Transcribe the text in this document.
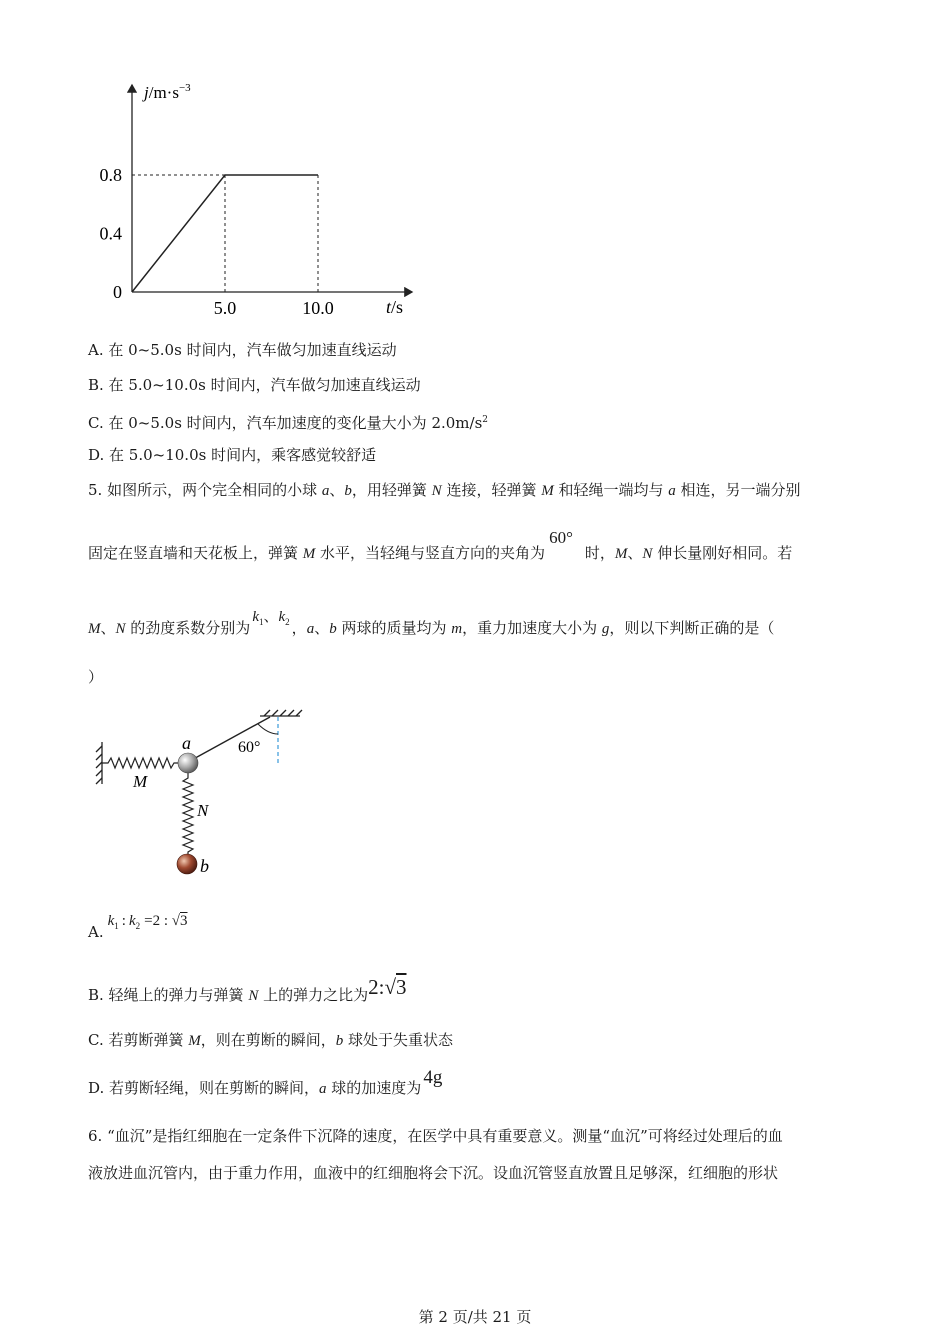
0
0.4
0.8
5.0	10.0
$j/m\cdot s^{-3}$
t/s
A. 在 0~5.0s 时间内，汽车做匀加速直线运动
B. 在 5.0~10.0s 时间内，汽车做匀加速直线运动
C. 在 0~5.0s 时间内，汽车加速度的变化量大小为 $2.0m/s^2$
D. 在 5.0~10.0s 时间内，乘客感觉较舒适
5. 如图所示，两个完全相同的小球 a、b，用轻弹簧 N 连接，轻弹簧 M 和轻绳一端均与 a 相连，另一端分别
固定在竖直墙和天花板上，弹簧 M 水平，当轻绳与竖直方向的夹角为60°时，M、N 伸长量刚好相同。若
M、N 的劲度系数分别为$k_1$、$k_2$ ，a、b 两球的质量均为 m，重力加速度大小为 g，则以下判断正确的是（
）
60°
M
N
a
b
$A.k_1$ : $k_2 =2$ : √3
B. 轻绳上的弹力与弹簧 N 上的弹力之比为2:√3
C. 若剪断弹簧 M，则在剪断的瞬间，b 球处于失重状态
D. 若剪断轻绳，则在剪断的瞬间，a 球的加速度为 4g
6. “血沉”是指红细胞在一定条件下沉降的速度，在医学中具有重要意义。测量“血沉”可将经过处理后的血
液放进血沉管内，由于重力作用，血液中的红细胞将会下沉。设血沉管竖直放置且足够深，红细胞的形状
第 2 页/共 21 页
